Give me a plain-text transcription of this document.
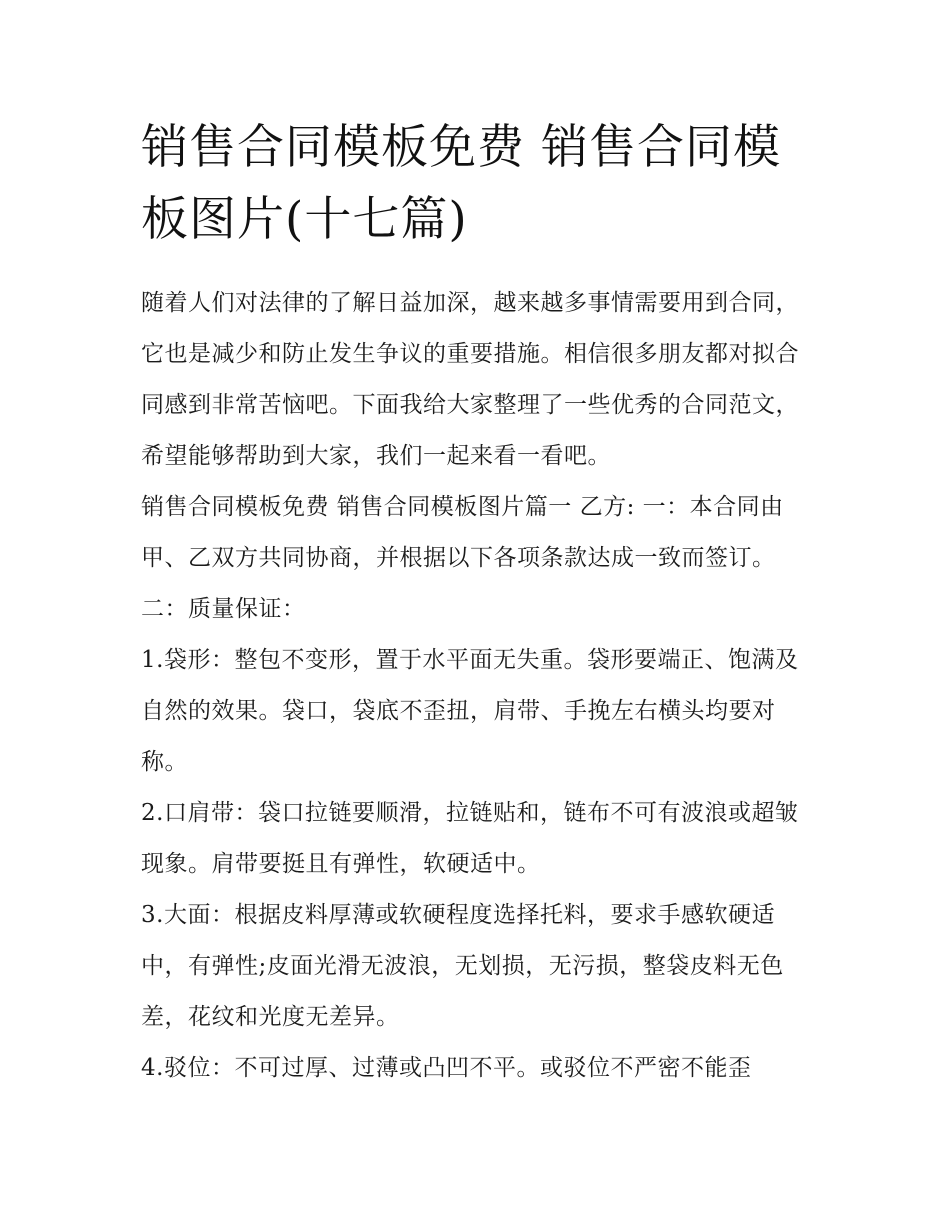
销售合同模板免费 销售合同模板图片(十七篇)

随着人们对法律的了解日益加深，越来越多事情需要用到合同，它也是减少和防止发生争议的重要措施。相信很多朋友都对拟合同感到非常苦恼吧。下面我给大家整理了一些优秀的合同范文，希望能够帮助到大家，我们一起来看一看吧。

销售合同模板免费 销售合同模板图片篇一 乙方: 一：本合同由甲、乙双方共同协商，并根据以下各项条款达成一致而签订。 二：质量保证：

1.袋形：整包不变形，置于水平面无失重。袋形要端正、饱满及自然的效果。袋口，袋底不歪扭，肩带、手挽左右横头均要对称。

2.口肩带：袋口拉链要顺滑，拉链贴和，链布不可有波浪或超皱现象。肩带要挺且有弹性，软硬适中。

3.大面：根据皮料厚薄或软硬程度选择托料，要求手感软硬适中，有弹性;皮面光滑无波浪，无划损，无污损，整袋皮料无色差，花纹和光度无差异。

4.驳位：不可过厚、过薄或凸凹不平。或驳位不严密不能歪
